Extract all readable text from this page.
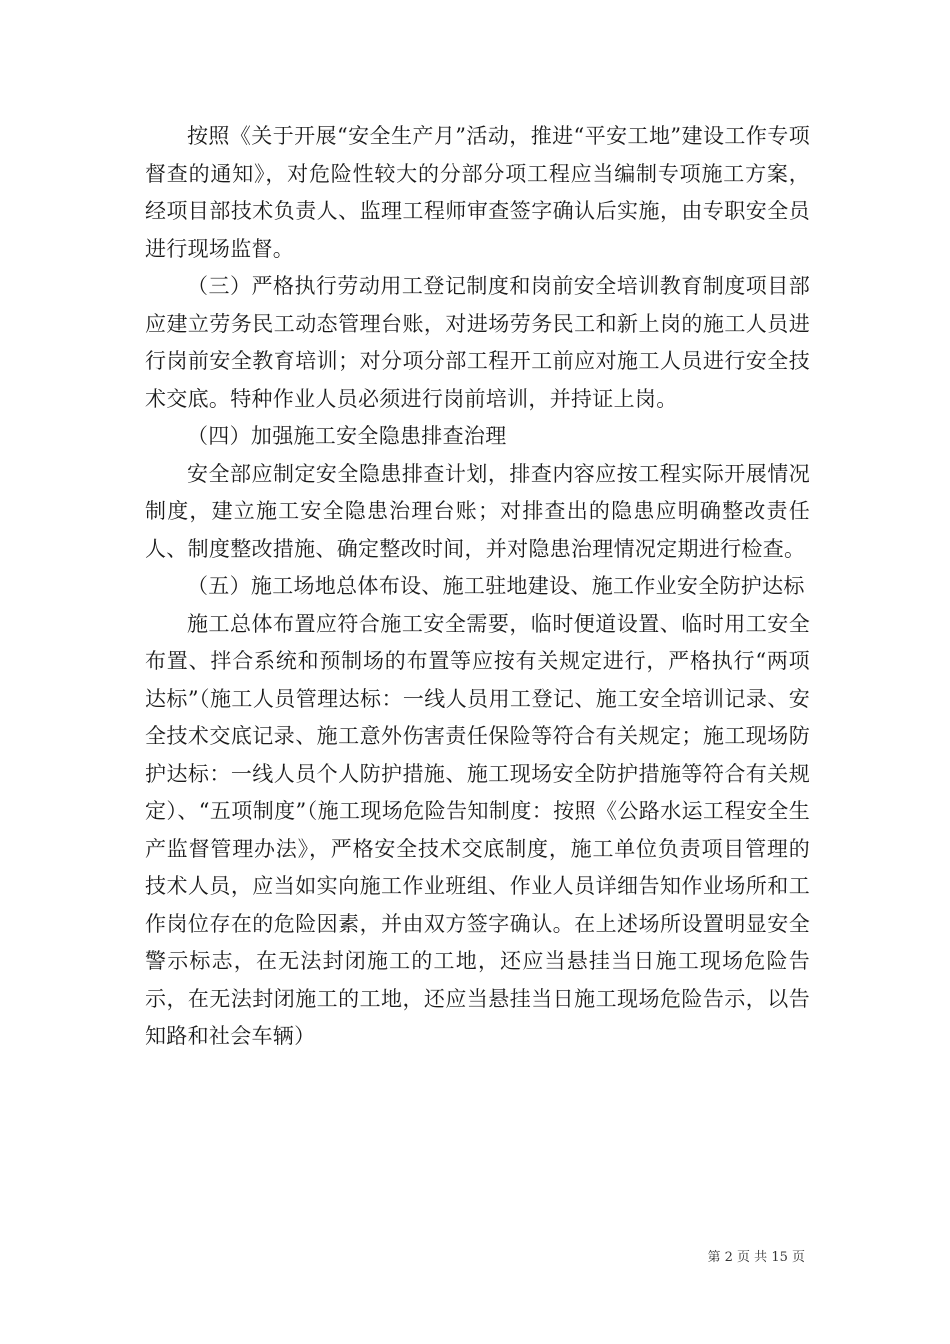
按照《关于开展“安全生产月”活动，推进“平安工地”建设工作专项督查的通知》，对危险性较大的分部分项工程应当编制专项施工方案，经项目部技术负责人、监理工程师审查签字确认后实施，由专职安全员进行现场监督。

（三）严格执行劳动用工登记制度和岗前安全培训教育制度项目部应建立劳务民工动态管理台账，对进场劳务民工和新上岗的施工人员进行岗前安全教育培训；对分项分部工程开工前应对施工人员进行安全技术交底。特种作业人员必须进行岗前培训，并持证上岗。

（四）加强施工安全隐患排查治理

安全部应制定安全隐患排查计划，排查内容应按工程实际开展情况制度，建立施工安全隐患治理台账；对排查出的隐患应明确整改责任人、制度整改措施、确定整改时间，并对隐患治理情况定期进行检查。

（五）施工场地总体布设、施工驻地建设、施工作业安全防护达标

施工总体布置应符合施工安全需要，临时便道设置、临时用工安全布置、拌合系统和预制场的布置等应按有关规定进行，严格执行“两项达标”（施工人员管理达标：一线人员用工登记、施工安全培训记录、安全技术交底记录、施工意外伤害责任保险等符合有关规定；施工现场防护达标：一线人员个人防护措施、施工现场安全防护措施等符合有关规定）、“五项制度”（施工现场危险告知制度：按照《公路水运工程安全生产监督管理办法》，严格安全技术交底制度，施工单位负责项目管理的技术人员，应当如实向施工作业班组、作业人员详细告知作业场所和工作岗位存在的危险因素，并由双方签字确认。在上述场所设置明显安全警示标志，在无法封闭施工的工地，还应当悬挂当日施工现场危险告示，在无法封闭施工的工地，还应当悬挂当日施工现场危险告示，以告知路和社会车辆）

第 2 页 共 15 页
